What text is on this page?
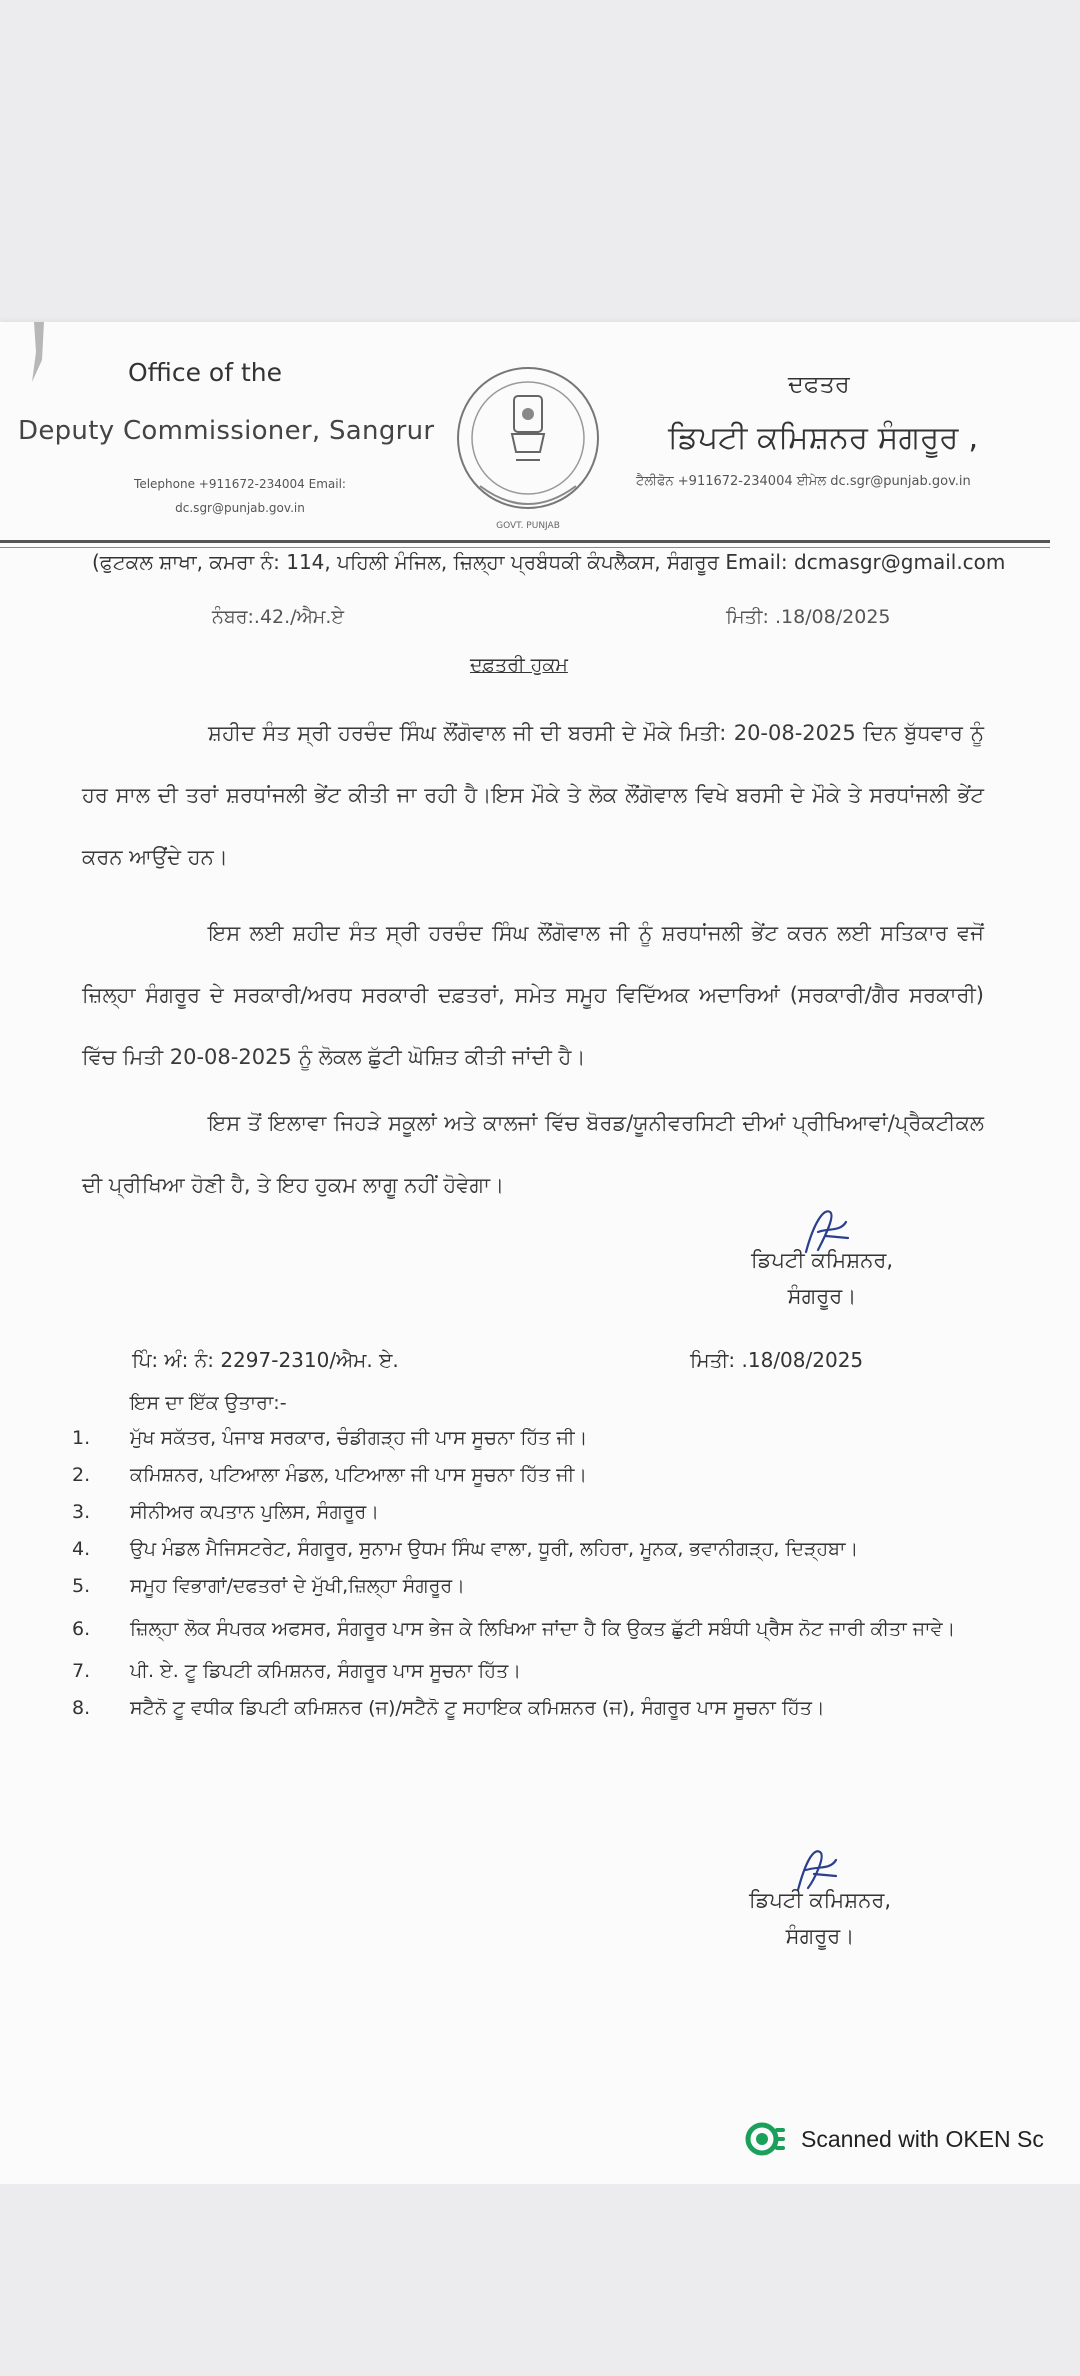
Office of the
Deputy Commissioner, Sangrur
Telephone +911672-234004 Email:
dc.sgr@punjab.gov.in
GOVT. PUNJAB
ਦਫਤਰ
ਡਿਪਟੀ ਕਮਿਸ਼ਨਰ ਸੰਗਰੂਰ ,
ਟੈਲੀਫੋਨ +911672-234004 ਈਮੇਲ dc.sgr@punjab.gov.in
(ਫੁਟਕਲ ਸ਼ਾਖਾ, ਕਮਰਾ ਨੰ: 114, ਪਹਿਲੀ ਮੰਜਿਲ, ਜ਼ਿਲ੍ਹਾ ਪ੍ਰਬੰਧਕੀ ਕੰਪਲੈਕਸ, ਸੰਗਰੂਰ Email: dcmasgr@gmail.com
ਨੰਬਰ:.42./ਐਮ.ਏ	ਮਿਤੀ: .18/08/2025
ਦਫ਼ਤਰੀ ਹੁਕਮ
ਸ਼ਹੀਦ ਸੰਤ ਸ੍ਰੀ ਹਰਚੰਦ ਸਿੰਘ ਲੌਂਗੋਵਾਲ ਜੀ ਦੀ ਬਰਸੀ ਦੇ ਮੌਕੇ ਮਿਤੀ: 20-08-2025 ਦਿਨ ਬੁੱਧਵਾਰ ਨੂੰ ਹਰ ਸਾਲ ਦੀ ਤਰਾਂ ਸ਼ਰਧਾਂਜਲੀ ਭੇਂਟ ਕੀਤੀ ਜਾ ਰਹੀ ਹੈ।ਇਸ ਮੌਕੇ ਤੇ ਲੋਕ ਲੌਂਗੋਵਾਲ ਵਿਖੇ ਬਰਸੀ ਦੇ ਮੌਕੇ ਤੇ ਸਰਧਾਂਜਲੀ ਭੇਂਟ ਕਰਨ ਆਉਂਦੇ ਹਨ।
ਇਸ ਲਈ ਸ਼ਹੀਦ ਸੰਤ ਸ੍ਰੀ ਹਰਚੰਦ ਸਿੰਘ ਲੌਂਗੋਵਾਲ ਜੀ ਨੂੰ ਸ਼ਰਧਾਂਜਲੀ ਭੇਂਟ ਕਰਨ ਲਈ ਸਤਿਕਾਰ ਵਜੋਂ ਜ਼ਿਲ੍ਹਾ ਸੰਗਰੂਰ ਦੇ ਸਰਕਾਰੀ/ਅਰਧ ਸਰਕਾਰੀ ਦਫ਼ਤਰਾਂ, ਸਮੇਤ ਸਮੂਹ ਵਿਦਿੱਅਕ ਅਦਾਰਿਆਂ (ਸਰਕਾਰੀ/ਗੈਰ ਸਰਕਾਰੀ) ਵਿੱਚ ਮਿਤੀ 20-08-2025 ਨੂੰ ਲੋਕਲ ਛੁੱਟੀ ਘੋਸ਼ਿਤ ਕੀਤੀ ਜਾਂਦੀ ਹੈ।
ਇਸ ਤੋਂ ਇਲਾਵਾ ਜਿਹੜੇ ਸਕੂਲਾਂ ਅਤੇ ਕਾਲਜਾਂ ਵਿੱਚ ਬੋਰਡ/ਯੂਨੀਵਰਸਿਟੀ ਦੀਆਂ ਪ੍ਰੀਖਿਆਵਾਂ/ਪ੍ਰੈਕਟੀਕਲ ਦੀ ਪ੍ਰੀਖਿਆ ਹੋਣੀ ਹੈ, ਤੇ ਇਹ ਹੁਕਮ ਲਾਗੂ ਨਹੀਂ ਹੋਵੇਗਾ।
ਡਿਪਟੀ ਕਮਿਸ਼ਨਰ,
ਸੰਗਰੂਰ।
ਪਿੰ: ਅੰ: ਨੰ: 2297-2310/ਐਮ. ਏ.	ਮਿਤੀ: .18/08/2025
ਇਸ ਦਾ ਇੱਕ ਉਤਾਰਾ:-
1.	ਮੁੱਖ ਸਕੱਤਰ, ਪੰਜਾਬ ਸਰਕਾਰ, ਚੰਡੀਗੜ੍ਹ ਜੀ ਪਾਸ ਸੂਚਨਾ ਹਿੱਤ ਜੀ।
2.	ਕਮਿਸ਼ਨਰ, ਪਟਿਆਲਾ ਮੰਡਲ, ਪਟਿਆਲਾ ਜੀ ਪਾਸ ਸੂਚਨਾ ਹਿੱਤ ਜੀ।
3.	ਸੀਨੀਅਰ ਕਪਤਾਨ ਪੁਲਿਸ, ਸੰਗਰੂਰ।
4.	ਉਪ ਮੰਡਲ ਮੈਜਿਸਟਰੇਟ, ਸੰਗਰੂਰ, ਸੁਨਾਮ ਉਧਮ ਸਿੰਘ ਵਾਲਾ, ਧੂਰੀ, ਲਹਿਰਾ, ਮੂਨਕ, ਭਵਾਨੀਗੜ੍ਹ, ਦਿੜ੍ਹਬਾ।
5.	ਸਮੂਹ ਵਿਭਾਗਾਂ/ਦਫਤਰਾਂ ਦੇ ਮੁੱਖੀ,ਜ਼ਿਲ੍ਹਾ ਸੰਗਰੂਰ।
6.	ਜ਼ਿਲ੍ਹਾ ਲੋਕ ਸੰਪਰਕ ਅਫਸਰ, ਸੰਗਰੂਰ ਪਾਸ ਭੇਜ ਕੇ ਲਿਖਿਆ ਜਾਂਦਾ ਹੈ ਕਿ ਉਕਤ ਛੁੱਟੀ ਸਬੰਧੀ ਪ੍ਰੈਸ ਨੋਟ ਜਾਰੀ ਕੀਤਾ ਜਾਵੇ।
7.	ਪੀ. ਏ. ਟੂ ਡਿਪਟੀ ਕਮਿਸ਼ਨਰ, ਸੰਗਰੂਰ ਪਾਸ ਸੂਚਨਾ ਹਿੱਤ।
8.	ਸਟੈਨੋ ਟੂ ਵਧੀਕ ਡਿਪਟੀ ਕਮਿਸ਼ਨਰ (ਜ)/ਸਟੈਨੋ ਟੂ ਸਹਾਇਕ ਕਮਿਸ਼ਨਰ (ਜ), ਸੰਗਰੂਰ ਪਾਸ ਸੂਚਨਾ ਹਿੱਤ।
ਡਿਪਟੀ ਕਮਿਸ਼ਨਰ,
ਸੰਗਰੂਰ।
Scanned with OKEN Sc
